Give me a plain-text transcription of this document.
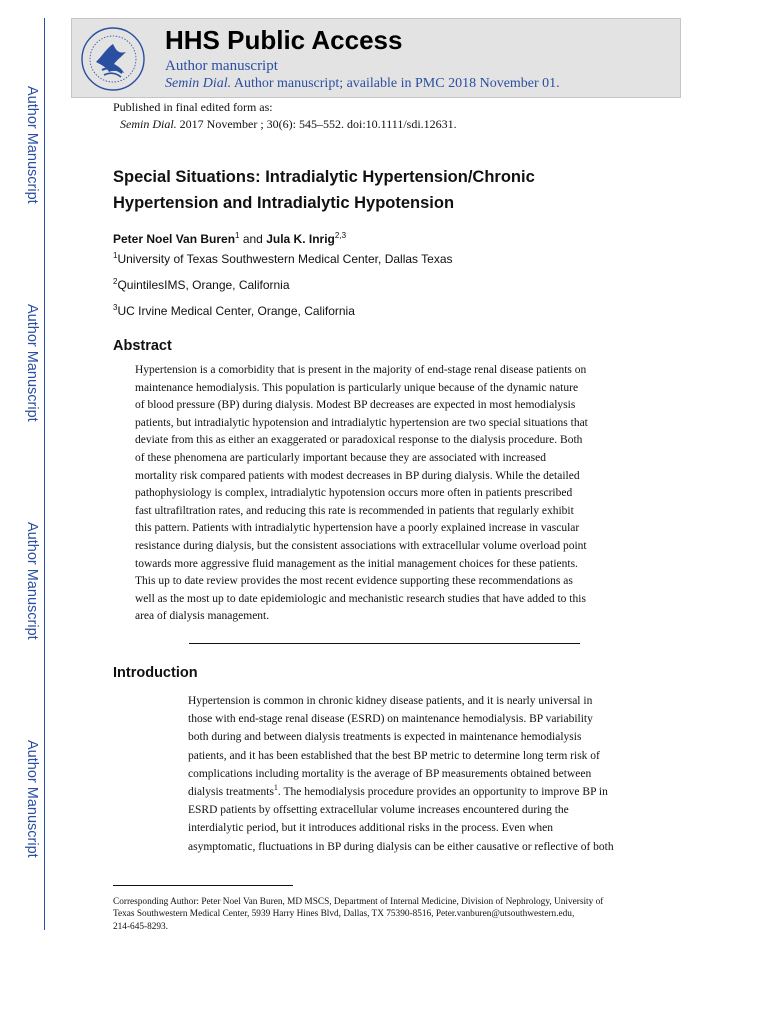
Author Manuscript
Author Manuscript
Author Manuscript
Author Manuscript
HHS Public Access
Author manuscript
Semin Dial. Author manuscript; available in PMC 2018 November 01.
Published in final edited form as:
Semin Dial. 2017 November ; 30(6): 545–552. doi:10.1111/sdi.12631.
Special Situations: Intradialytic Hypertension/Chronic Hypertension and Intradialytic Hypotension
Peter Noel Van Buren$^1$ and Jula K. Inrig$^{2,3}$
$^1$University of Texas Southwestern Medical Center, Dallas Texas
$^2$QuintilesIMS, Orange, California
$^3$UC Irvine Medical Center, Orange, California
Abstract

Hypertension is a comorbidity that is present in the majority of end-stage renal disease patients on
maintenance hemodialysis. This population is particularly unique because of the dynamic nature
of blood pressure (BP) during dialysis. Modest BP decreases are expected in most hemodialysis
patients, but intradialytic hypotension and intradialytic hypertension are two special situations that
deviate from this as either an exaggerated or paradoxical response to the dialysis procedure. Both
of these phenomena are particularly important because they are associated with increased
mortality risk compared patients with modest decreases in BP during dialysis. While the detailed
pathophysiology is complex, intradialytic hypotension occurs more often in patients prescribed
fast ultrafiltration rates, and reducing this rate is recommended in patients that regularly exhibit
this pattern. Patients with intradialytic hypertension have a poorly explained increase in vascular
resistance during dialysis, but the consistent associations with extracellular volume overload point
towards more aggressive fluid management as the initial management choices for these patients.
This up to date review provides the most recent evidence supporting these recommendations as
well as the most up to date epidemiologic and mechanistic research studies that have added to this
area of dialysis management.

Introduction

Hypertension is common in chronic kidney disease patients, and it is nearly universal in
those with end-stage renal disease (ESRD) on maintenance hemodialysis. BP variability
both during and between dialysis treatments is expected in maintenance hemodialysis
patients, and it has been established that the best BP metric to determine long term risk of
complications including mortality is the average of BP measurements obtained between
dialysis treatments$^1$. The hemodialysis procedure provides an opportunity to improve BP in
ESRD patients by offsetting extracellular volume increases encountered during the
interdialytic period, but it introduces additional risks in the process. Even when
asymptomatic, fluctuations in BP during dialysis can be either causative or reflective of both

Corresponding Author: Peter Noel Van Buren, MD MSCS, Department of Internal Medicine, Division of Nephrology, University of
Texas Southwestern Medical Center, 5939 Harry Hines Blvd, Dallas, TX 75390-8516, Peter.vanburen@utsouthwestern.edu,
214-645-8293.
